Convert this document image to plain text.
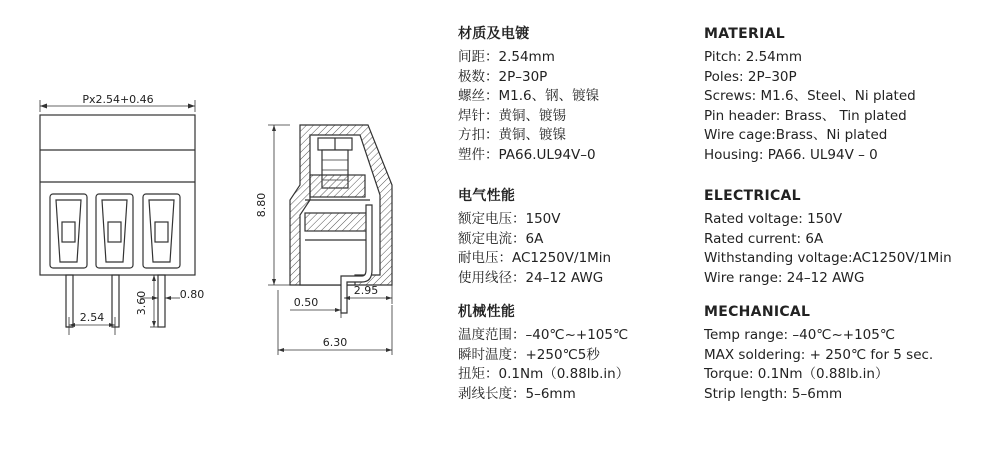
Px2.54+0.46
2.54
3.60	0.80
8.80
0.50
2.95
6.30
材质及电镀
间距：2.54mm
极数：2P–30P
螺丝：M1.6、钢、镀镍
焊针：黄铜、镀锡
方扣：黄铜、镀镍
塑件：PA66.UL94V–0
电气性能
额定电压：150V
额定电流：6A
耐电压：AC1250V/1Min
使用线径：24–12 AWG
机械性能
温度范围：–40℃~+105℃
瞬时温度：+250℃5秒
扭矩：0.1Nm（0.88lb.in）
剥线长度：5–6mm
MATERIAL
Pitch: 2.54mm
Poles: 2P–30P
Screws: M1.6、Steel、Ni plated
Pin header: Brass、 Tin plated
Wire cage:Brass、Ni plated
Housing: PA66. UL94V – 0
ELECTRICAL
Rated voltage: 150V
Rated current: 6A
Withstanding voltage:AC1250V/1Min
Wire range: 24–12 AWG
MECHANICAL
Temp range: –40℃~+105℃
MAX soldering: + 250℃ for 5 sec.
Torque: 0.1Nm（0.88lb.in）
Strip length: 5–6mm
